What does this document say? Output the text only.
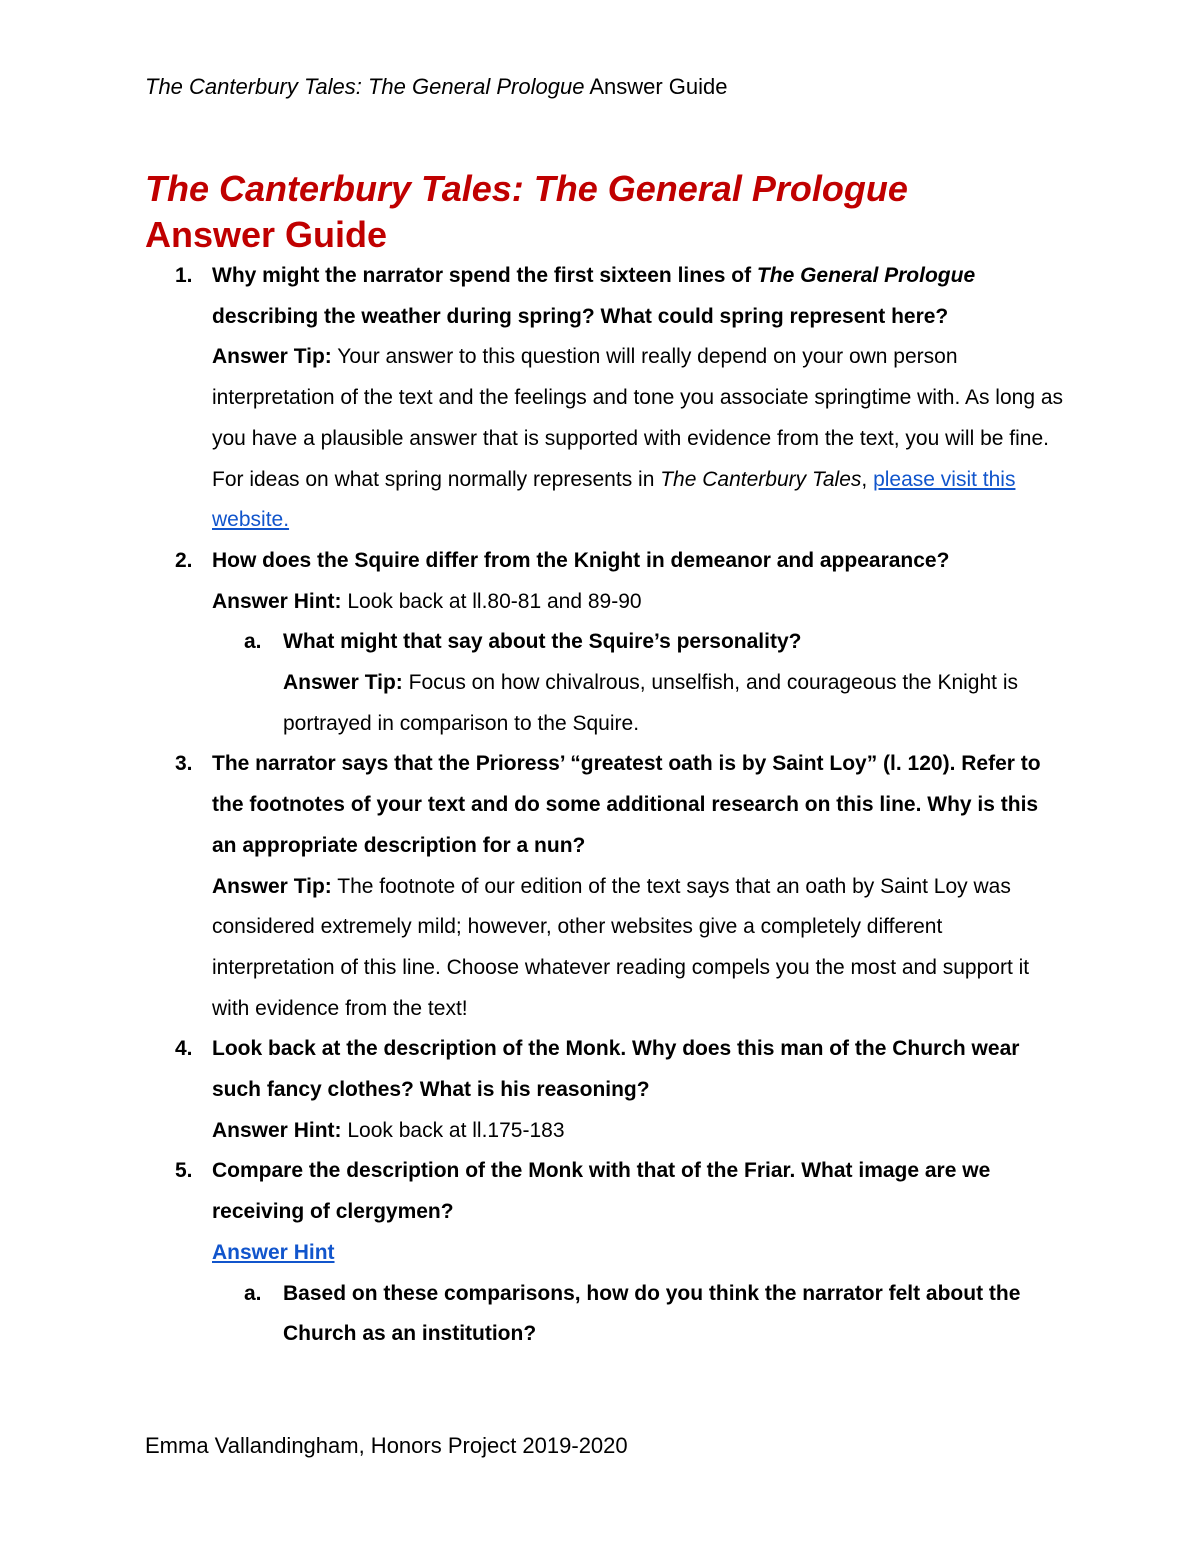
The Canterbury Tales: The General Prologue Answer Guide
The Canterbury Tales: The General Prologue
Answer Guide
1. Why might the narrator spend the first sixteen lines of The General Prologue describing the weather during spring? What could spring represent here?
Answer Tip: Your answer to this question will really depend on your own person interpretation of the text and the feelings and tone you associate springtime with. As long as you have a plausible answer that is supported with evidence from the text, you will be fine. For ideas on what spring normally represents in The Canterbury Tales, please visit this website.
2. How does the Squire differ from the Knight in demeanor and appearance?
Answer Hint: Look back at ll.80-81 and 89-90
a. What might that say about the Squire’s personality?
Answer Tip: Focus on how chivalrous, unselfish, and courageous the Knight is portrayed in comparison to the Squire.
3. The narrator says that the Prioress’ “greatest oath is by Saint Loy” (l. 120). Refer to the footnotes of your text and do some additional research on this line. Why is this an appropriate description for a nun?
Answer Tip: The footnote of our edition of the text says that an oath by Saint Loy was considered extremely mild; however, other websites give a completely different interpretation of this line. Choose whatever reading compels you the most and support it with evidence from the text!
4. Look back at the description of the Monk. Why does this man of the Church wear such fancy clothes? What is his reasoning?
Answer Hint: Look back at ll.175-183
5. Compare the description of the Monk with that of the Friar. What image are we receiving of clergymen?
Answer Hint
a. Based on these comparisons, how do you think the narrator felt about the Church as an institution?
Emma Vallandingham, Honors Project 2019-2020
